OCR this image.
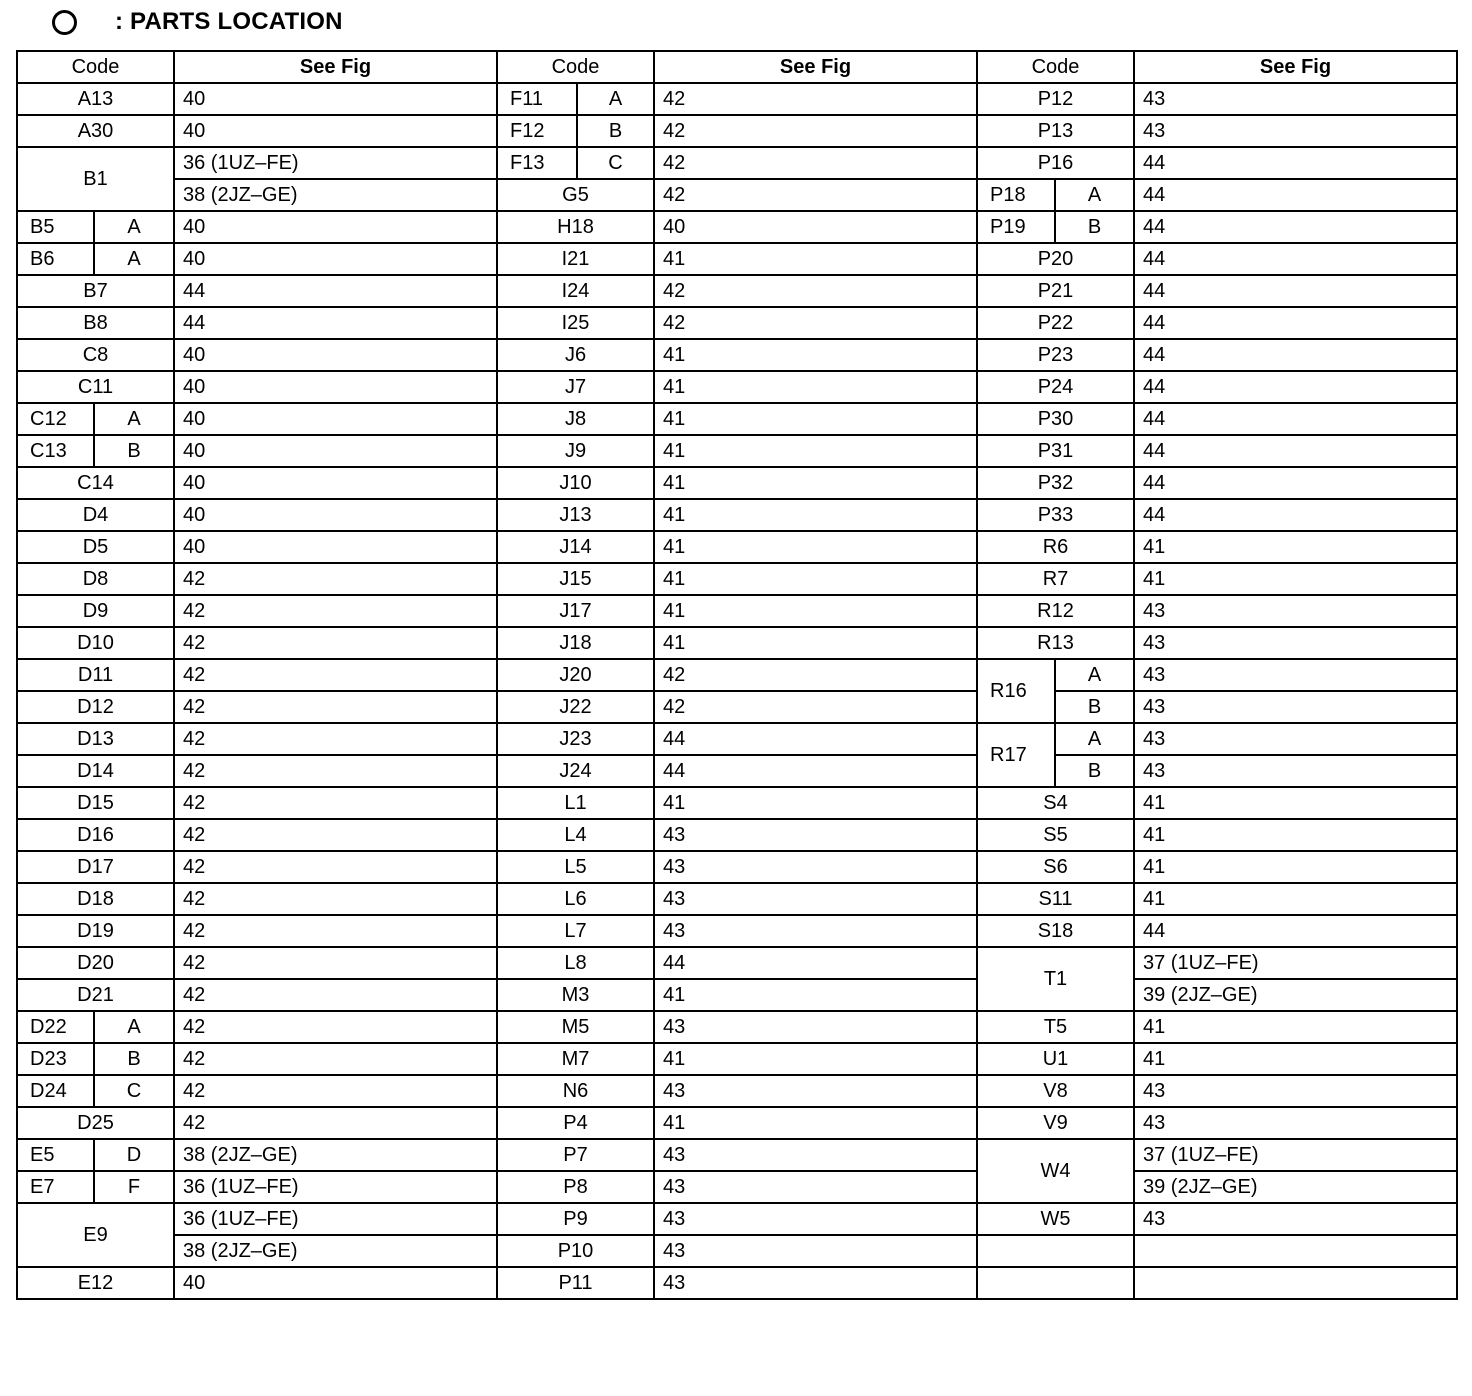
: PARTS LOCATION
Code		See Fig
A13		40
A30		40
B1		36 (1UZ–FE)
		38 (2JZ–GE)
B5	A	40
B6	A	40
B7		44
B8		44
C8		40
C11		40
C12	A	40
C13	B	40
C14		40
D4		40
D5		40
D8		42
D9		42
D10		42
D11		42
D12		42
D13		42
D14		42
D15		42
D16		42
D17		42
D18		42
D19		42
D20		42
D21		42
D22	A	42
D23	B	42
D24	C	42
D25		42
E5	D	38 (2JZ–GE)
E7	F	36 (1UZ–FE)
E9		36 (1UZ–FE)
		38 (2JZ–GE)
E12		40
Code		See Fig
F11	A	42
F12	B	42
F13	C	42
G5		42
H18		40
I21		41
I24		42
I25		42
J6		41
J7		41
J8		41
J9		41
J10		41
J13		41
J14		41
J15		41
J17		41
J18		41
J20		42
J22		42
J23		44
J24		44
L1		41
L4		43
L5		43
L6		43
L7		43
L8		44
M3		41
M5		43
M7		41
N6		43
P4		41
P7		43
P8		43
P9		43
P10		43
P11		43
Code		See Fig
P12		43
P13		43
P16		44
P18	A	44
P19	B	44
P20		44
P21		44
P22		44
P23		44
P24		44
P30		44
P31		44
P32		44
P33		44
R6		41
R7		41
R12		43
R13		43
R16	A	43
	B	43
R17	A	43
	B	43
S4		41
S5		41
S6		41
S11		41
S18		44
T1		37 (1UZ–FE)
		39 (2JZ–GE)
T5		41
U1		41
V8		43
V9		43
W4		37 (1UZ–FE)
		39 (2JZ–GE)
W5		43
